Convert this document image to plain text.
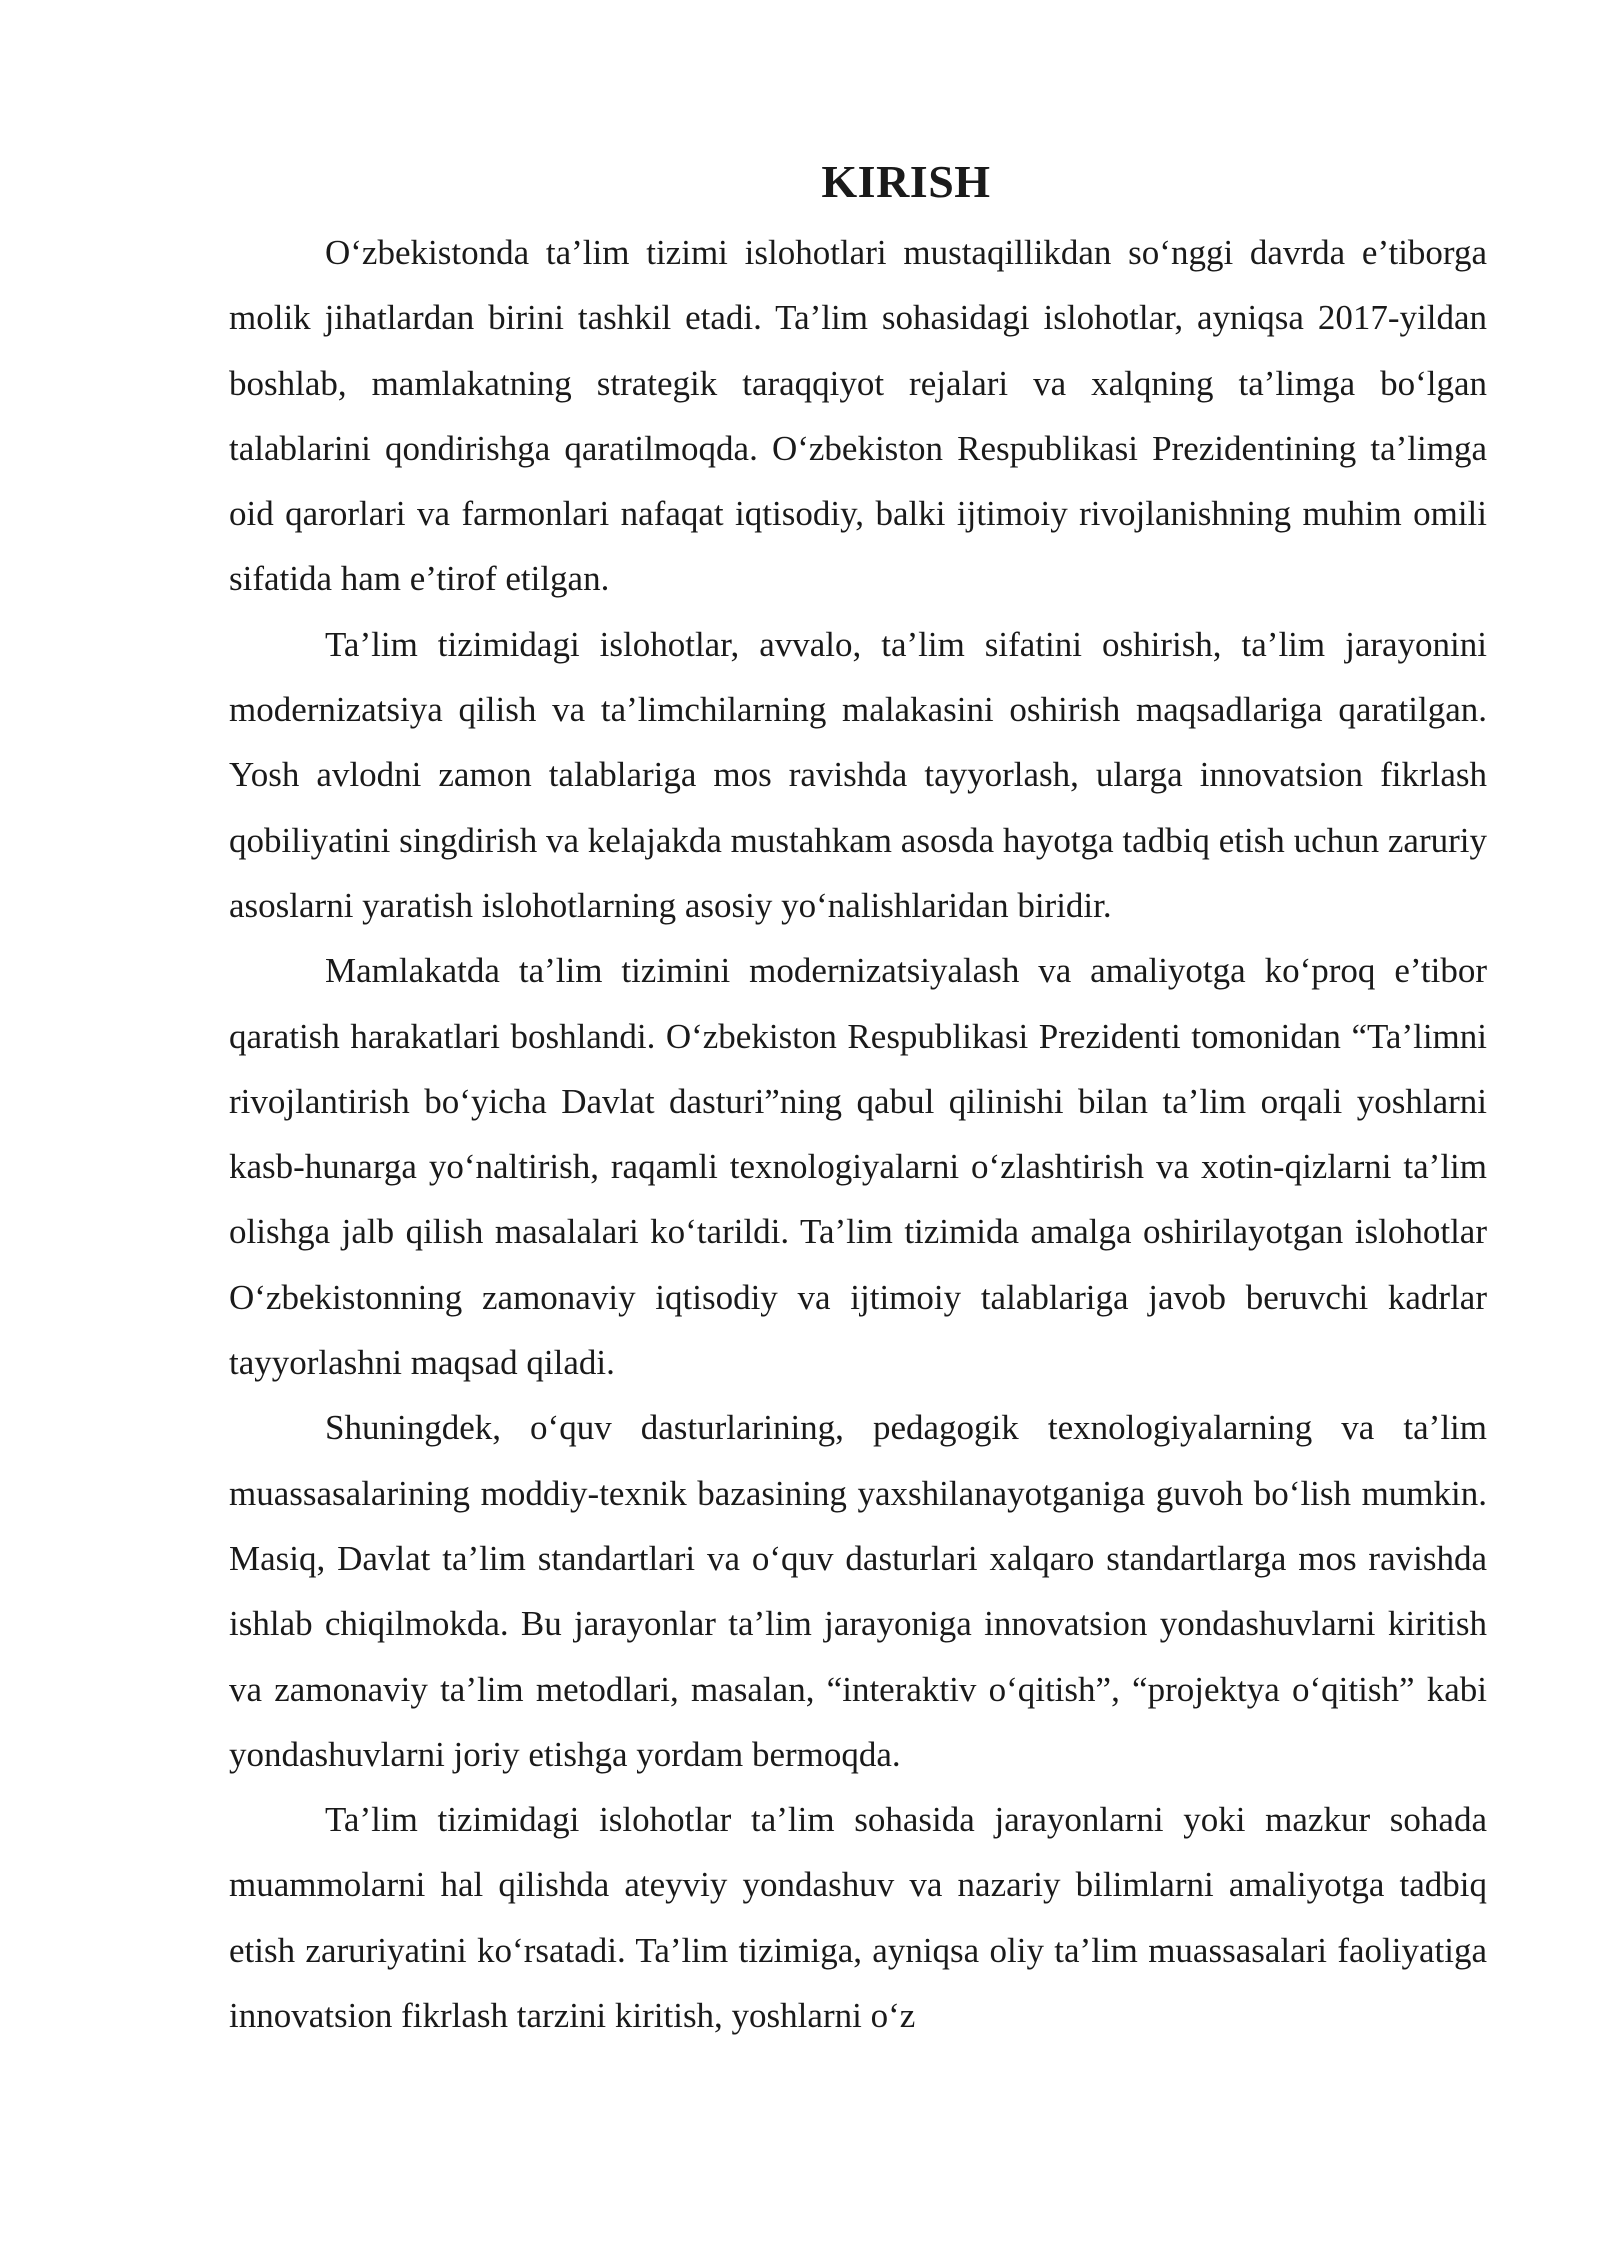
KIRISH

O‘zbekistonda ta’lim tizimi islohotlari mustaqillikdan so‘nggi davrda e’tiborga molik jihatlardan birini tashkil etadi. Ta’lim sohasidagi islohotlar, ayniqsa 2017-yildan boshlab, mamlakatning strategik taraqqiyot rejalari va xalqning ta’limga bo‘lgan talablarini qondirishga qaratilmoqda. O‘zbekiston Respublikasi Prezidentining ta’limga oid qarorlari va farmonlari nafaqat iqtisodiy, balki ijtimoiy rivojlanishning muhim omili sifatida ham e’tirof etilgan.

Ta’lim tizimidagi islohotlar, avvalo, ta’lim sifatini oshirish, ta’lim jarayonini modernizatsiya qilish va ta’limchilarning malakasini oshirish maqsadlariga qaratilgan. Yosh avlodni zamon talablariga mos ravishda tayyorlash, ularga innovatsion fikrlash qobiliyatini singdirish va kelajakda mustahkam asosda hayotga tadbiq etish uchun zaruriy asoslarni yaratish islohotlarning asosiy yo‘nalishlaridan biridir.

Mamlakatda ta’lim tizimini modernizatsiyalash va amaliyotga ko‘proq e’tibor qaratish harakatlari boshlandi. O‘zbekiston Respublikasi Prezidenti tomonidan “Ta’limni rivojlantirish bo‘yicha Davlat dasturi”ning qabul qilinishi bilan ta’lim orqali yoshlarni kasb-hunarga yo‘naltirish, raqamli texnologiyalarni o‘zlashtirish va xotin-qizlarni ta’lim olishga jalb qilish masalalari ko‘tarildi. Ta’lim tizimida amalga oshirilayotgan islohotlar O‘zbekistonning zamonaviy iqtisodiy va ijtimoiy talablariga javob beruvchi kadrlar tayyorlashni maqsad qiladi.

Shuningdek, o‘quv dasturlarining, pedagogik texnologiyalarning va ta’lim muassasalarining moddiy-texnik bazasining yaxshilanayotganiga guvoh bo‘lish mumkin. Masiq, Davlat ta’lim standartlari va o‘quv dasturlari xalqaro standartlarga mos ravishda ishlab chiqilmokda. Bu jarayonlar ta’lim jarayoniga innovatsion yondashuvlarni kiritish va zamonaviy ta’lim metodlari, masalan, “interaktiv o‘qitish”, “projektya o‘qitish” kabi yondashuvlarni joriy etishga yordam bermoqda.

Ta’lim tizimidagi islohotlar ta’lim sohasida jarayonlarni yoki mazkur sohada muammolarni hal qilishda ateyviy yondashuv va nazariy bilimlarni amaliyotga tadbiq etish zaruriyatini ko‘rsatadi. Ta’lim tizimiga, ayniqsa oliy ta’lim muassasalari faoliyatiga innovatsion fikrlash tarzini kiritish, yoshlarni o‘z
